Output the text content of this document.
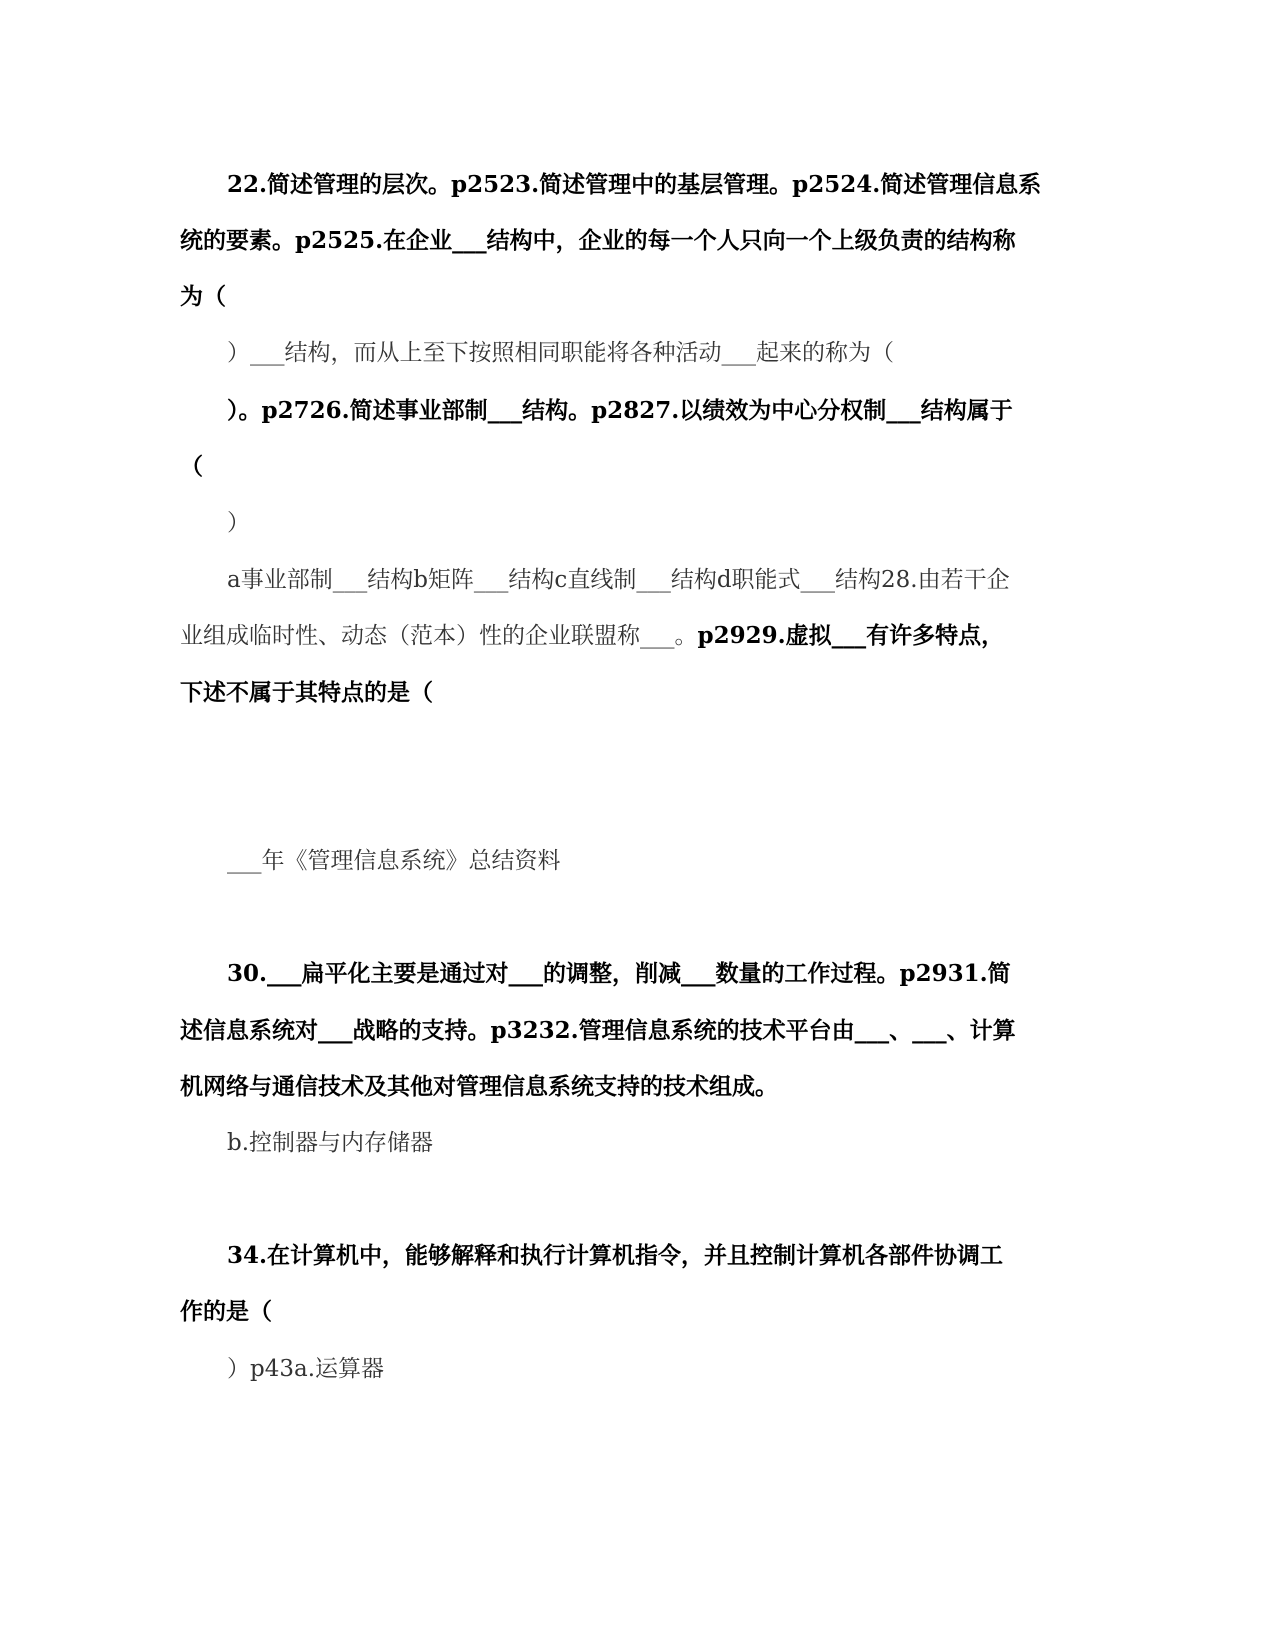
22.简述管理的层次。p2523.简述管理中的基层管理。p2524.简述管理信息系
统的要素。p2525.在企业___结构中，企业的每一个人只向一个上级负责的结构称
为（
）___结构，而从上至下按照相同职能将各种活动___起来的称为（
）。p2726.简述事业部制___结构。p2827.以绩效为中心分权制___结构属于
（
）
a事业部制___结构b矩阵___结构c直线制___结构d职能式___结构28.由若干企
业组成临时性、动态（范本）性的企业联盟称___。p2929.虚拟___有许多特点，
下述不属于其特点的是（
___年《管理信息系统》总结资料
30.___扁平化主要是通过对___的调整，削减___数量的工作过程。p2931.简
述信息系统对___战略的支持。p3232.管理信息系统的技术平台由___、___、计算
机网络与通信技术及其他对管理信息系统支持的技术组成。
b.控制器与内存储器
34.在计算机中，能够解释和执行计算机指令，并且控制计算机各部件协调工
作的是（
）p43a.运算器
